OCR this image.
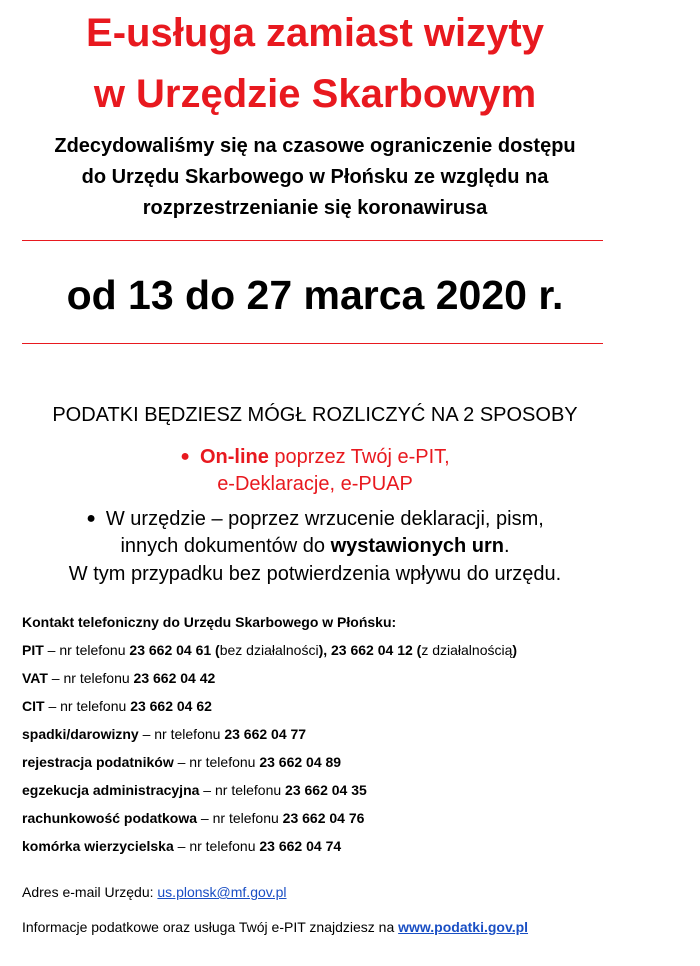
E-usługa zamiast wizyty
w Urzędzie Skarbowym
Zdecydowaliśmy się na czasowe ograniczenie dostępu
do Urzędu Skarbowego w Płońsku ze względu na
rozprzestrzenianie się koronawirusa
od 13 do 27 marca 2020 r.
PODATKI BĘDZIESZ MÓGŁ ROZLICZYĆ NA 2 SPOSOBY
● On-line poprzez Twój e-PIT,
e-Deklaracje, e-PUAP
● W urzędzie – poprzez wrzucenie deklaracji, pism,
innych dokumentów do wystawionych urn.
W tym przypadku bez potwierdzenia wpływu do urzędu.
Kontakt telefoniczny do Urzędu Skarbowego w Płońsku:
PIT – nr telefonu 23 662 04 61 (bez działalności), 23 662 04 12 (z działalnością)
VAT – nr telefonu 23 662 04 42
CIT – nr telefonu 23 662 04 62
spadki/darowizny – nr telefonu 23 662 04 77
rejestracja podatników – nr telefonu 23 662 04 89
egzekucja administracyjna – nr telefonu 23 662 04 35
rachunkowość podatkowa – nr telefonu 23 662 04 76
komórka wierzycielska – nr telefonu 23 662 04 74
Adres e-mail Urzędu: us.plonsk@mf.gov.pl
Informacje podatkowe oraz usługa Twój e-PIT znajdziesz na www.podatki.gov.pl
